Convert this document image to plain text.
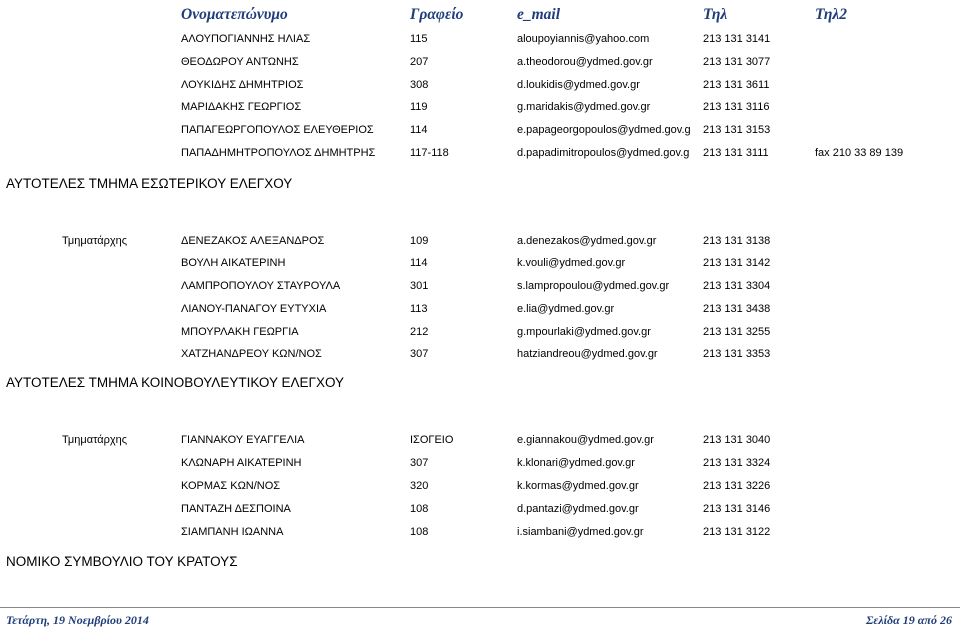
Ονοματεπώνυμο	Γραφείο	e_mail	Τηλ	Τηλ2
ΑΛΟΥΠΟΓΙΑΝΝΗΣ ΗΛΙΑΣ	115	aloupoyiannis@yahoo.com	213 131 3141
ΘΕΟΔΩΡΟΥ ΑΝΤΩΝΗΣ	207	a.theodorou@ydmed.gov.gr	213 131 3077
ΛΟΥΚΙΔΗΣ ΔΗΜΗΤΡΙΟΣ	308	d.loukidis@ydmed.gov.gr	213 131 3611
ΜΑΡΙΔΑΚΗΣ ΓΕΩΡΓΙΟΣ	119	g.maridakis@ydmed.gov.gr	213 131 3116
ΠΑΠΑΓΕΩΡΓΟΠΟΥΛΟΣ ΕΛΕΥΘΕΡΙΟΣ	114	e.papageorgopoulos@ydmed.gov.g 213 131 3153
ΠΑΠΑΔΗΜΗΤΡΟΠΟΥΛΟΣ ΔΗΜΗΤΡΗΣ	117-118	d.papadimitropoulos@ydmed.gov.g 213 131 3111	fax 210 33 89 139
ΑΥΤΟΤΕΛΕΣ ΤΜΗΜΑ ΕΣΩΤΕΡΙΚΟΥ ΕΛΕΓΧΟΥ
Τμηματάρχης	ΔΕΝΕΖΑΚΟΣ ΑΛΕΞΑΝΔΡΟΣ	109	a.denezakos@ydmed.gov.gr	213 131 3138
ΒΟΥΛΗ ΑΙΚΑΤΕΡΙΝΗ	114	k.vouli@ydmed.gov.gr	213 131 3142
ΛΑΜΠΡΟΠΟΥΛΟΥ ΣΤΑΥΡΟΥΛΑ	301	s.lampropoulou@ydmed.gov.gr	213 131 3304
ΛΙΑΝΟΥ-ΠΑΝΑΓΟΥ ΕΥΤΥΧΙΑ	113	e.lia@ydmed.gov.gr	213 131 3438
ΜΠΟΥΡΛΑΚΗ ΓΕΩΡΓΙΑ	212	g.mpourlaki@ydmed.gov.gr	213 131 3255
ΧΑΤΖΗΑΝΔΡΕΟΥ ΚΩΝ/ΝΟΣ	307	hatziandreou@ydmed.gov.gr	213 131 3353
ΑΥΤΟΤΕΛΕΣ ΤΜΗΜΑ ΚΟΙΝΟΒΟΥΛΕΥΤΙΚΟΥ ΕΛΕΓΧΟΥ
Τμηματάρχης	ΓΙΑΝΝΑΚΟΥ ΕΥΑΓΓΕΛΙΑ	ΙΣΟΓΕΙΟ	e.giannakou@ydmed.gov.gr	213 131 3040
ΚΛΩΝΑΡΗ ΑΙΚΑΤΕΡΙΝΗ	307	k.klonari@ydmed.gov.gr	213 131 3324
ΚΟΡΜΑΣ ΚΩΝ/ΝΟΣ	320	k.kormas@ydmed.gov.gr	213 131 3226
ΠΑΝΤΑΖΗ ΔΕΣΠΟΙΝΑ	108	d.pantazi@ydmed.gov.gr	213 131 3146
ΣΙΑΜΠΑΝΗ ΙΩΑΝΝΑ	108	i.siambani@ydmed.gov.gr	213 131 3122
ΝΟΜΙΚΟ ΣΥΜΒΟΥΛΙΟ ΤΟΥ ΚΡΑΤΟΥΣ
Τετάρτη, 19 Νοεμβρίου 2014	Σελίδα 19 από 26
